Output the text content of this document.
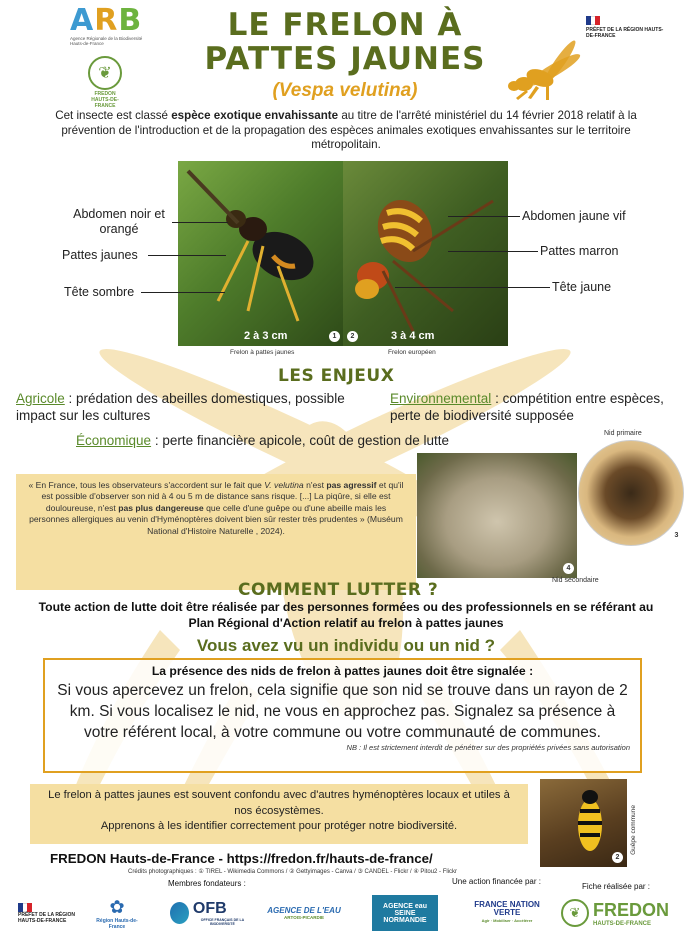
ARB
Agence Régionale de la Biodiversité Hauts-de-France
❦
FREDON HAUTS-DE-FRANCE
LE FRELON À
PATTES JAUNES
(Vespa velutina)
PRÉFET DE LA RÉGION HAUTS-DE-FRANCE
Cet insecte est classé espèce exotique envahissante au titre de l'arrêté ministériel du 14 février 2018 relatif à la prévention de l'introduction et de la propagation des espèces animales exotiques envahissantes sur le territoire métropolitain.
2 à 3 cm	1	2	3 à 4 cm
Frelon à pattes jaunes	Frelon européen
Abdomen noir et orangé
Pattes jaunes
Tête sombre
Abdomen jaune vif
Pattes marron
Tête jaune
LES ENJEUX
Agricole : prédation des abeilles domestiques, possible impact sur les cultures
Environnemental : compétition entre espèces, perte de biodiversité supposée
Économique : perte financière apicole, coût de gestion de lutte
« En France, tous les observateurs s'accordent sur le fait que V. velutina n'est pas agressif et qu'il est possible d'observer son nid à 4 ou 5 m de distance sans risque. [...] La piqûre, si elle est douloureuse, n'est pas plus dangereuse que celle d'une guêpe ou d'une abeille mais les personnes allergiques au venin d'Hyménoptères doivent bien sûr rester très prudentes » (Muséum National d'Histoire Naturelle , 2024).
4
Nid secondaire
Nid primaire
3
COMMENT LUTTER ?
Toute action de lutte doit être réalisée par des personnes formées ou des professionnels en se référant au Plan Régional d'Action relatif au frelon à pattes jaunes
Vous avez vu un individu ou un nid ?
La présence des nids de frelon à pattes jaunes doit être signalée :
Si vous apercevez un frelon, cela signifie que son nid se trouve dans un rayon de 2 km. Si vous localisez le nid, ne vous en approchez pas. Signalez sa présence à votre référent local, à votre commune ou votre communauté de communes.
NB : Il est strictement interdit de pénétrer sur des propriétés privées sans autorisation
Le frelon à pattes jaunes est souvent confondu avec d'autres hyménoptères locaux et utiles à nos écosystèmes.
Apprenons à les identifier correctement pour protéger notre biodiversité.
2
Guêpe commune
FREDON Hauts-de-France - https://fredon.fr/hauts-de-france/
Crédits photographiques : ① TIREL - Wikimedia Commons / ② Gettyimages - Canva / ③ CANDEL - Flickr / ④ Pitou2 - Flickr
Membres fondateurs :	Une action financée par :
Fiche réalisée par :
PRÉFET DE LA RÉGION HAUTS-DE-FRANCE
✿
Région Hauts-de-France
OFB
OFFICE FRANÇAIS DE LA BIODIVERSITÉ
AGENCE DE L'EAU
ARTOIS-PICARDIE
AGENCE eau SEINE NORMANDIE
FRANCE NATION VERTE
Agir · Mobiliser · Accélérer
❦ FREDON
HAUTS-DE-FRANCE
